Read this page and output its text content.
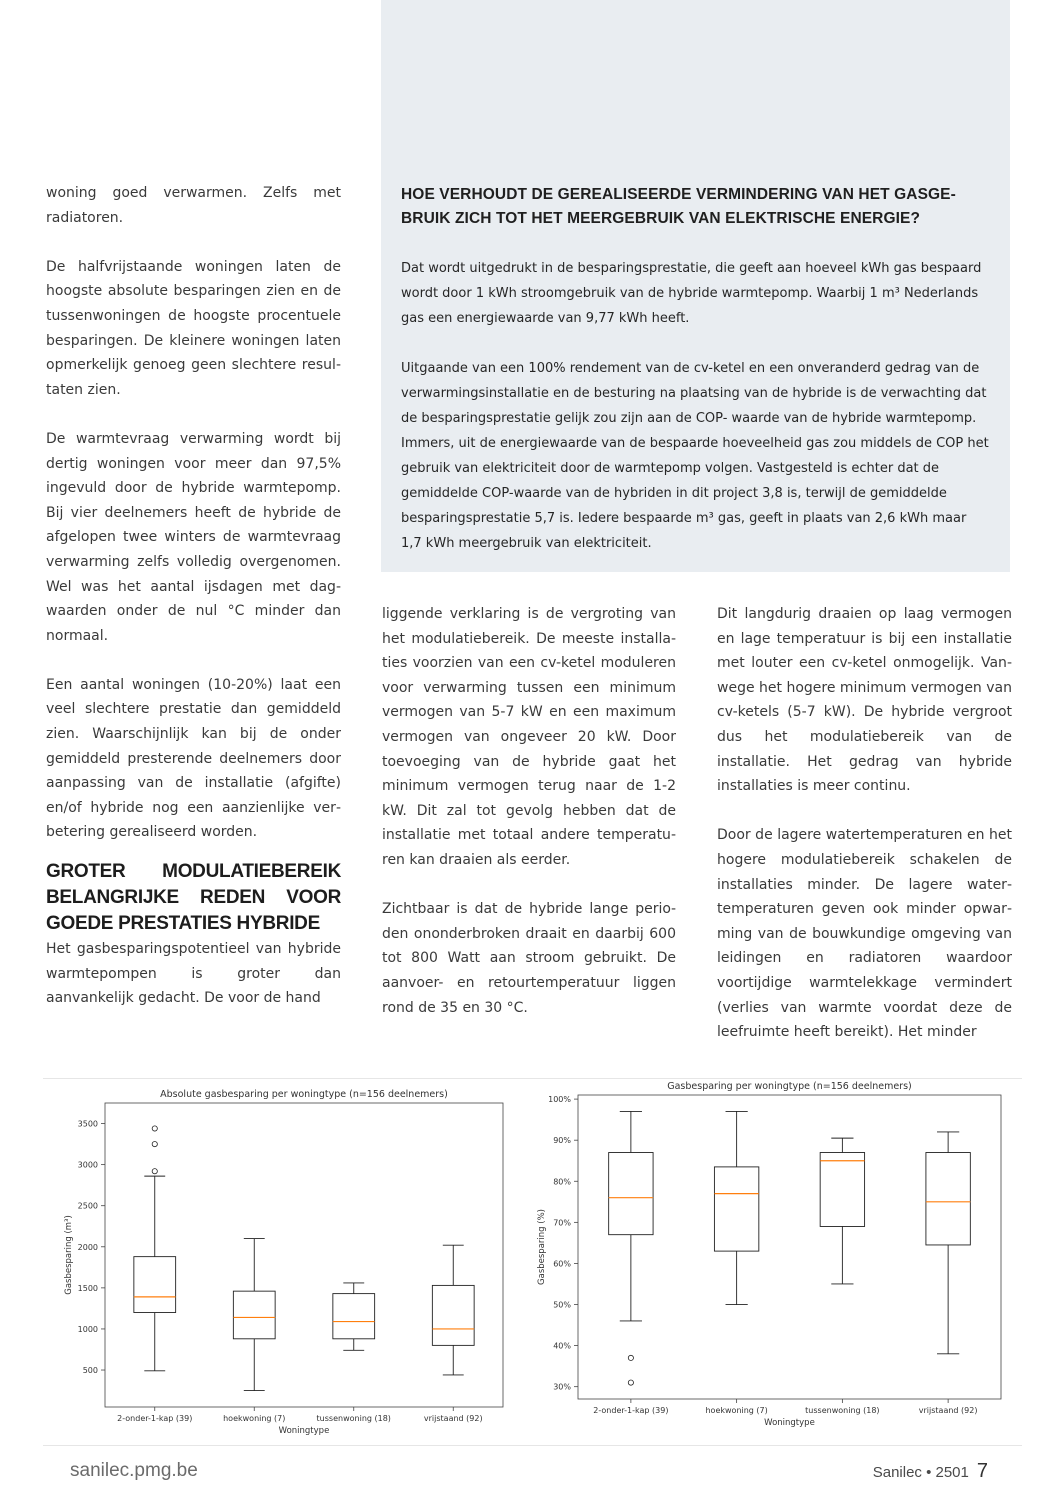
HOE VERHOUDT DE GEREALISEERDE VERMINDERING VAN HET GASGEBRUIK ZICH TOT HET MEERGEBRUIK VAN ELEKTRISCHE ENERGIE?

Dat wordt uitgedrukt in de besparingsprestatie, die geeft aan hoeveel kWh gas bespaard wordt door 1 kWh stroomgebruik van de hybride warmtepomp. Waarbij 1 m³ Nederlands gas een energiewaarde van 9,77 kWh heeft.

Uitgaande van een 100% rendement van de cv-ketel en een onveranderd gedrag van de verwarmingsinstallatie en de besturing na plaatsing van de hybride is de verwachting dat de besparingsprestatie gelijk zou zijn aan de COP- waarde van de hybride warmtepomp. Immers, uit de energiewaarde van de bespaarde hoeveelheid gas zou middels de COP het gebruik van elektriciteit door de warmtepomp volgen. Vastgesteld is echter dat de gemiddelde COP-waarde van de hybriden in dit project 3,8 is, terwijl de gemiddelde besparingsprestatie 5,7 is. Iedere bespaarde m³ gas, geeft in plaats van 2,6 kWh maar 1,7 kWh meergebruik van elektriciteit.

woning goed verwarmen. Zelfs met radiatoren.

De halfvrijstaande woningen laten de hoogste absolute besparingen zien en de tussenwoningen de hoogste procentuele besparingen. De kleinere woningen laten opmerkelijk genoeg geen slechtere resultaten zien.

De warmtevraag verwarming wordt bij dertig woningen voor meer dan 97,5% ingevuld door de hybride warmtepomp. Bij vier deelnemers heeft de hybride de afgelopen twee winters de warmtevraag verwarming zelfs volledig overgenomen. Wel was het aantal ijsdagen met dagwaarden onder de nul °C minder dan normaal.

Een aantal woningen (10-20%) laat een veel slechtere prestatie dan gemiddeld zien. Waarschijnlijk kan bij de onder gemiddeld presterende deelnemers door aanpassing van de installatie (afgifte) en/of hybride nog een aanzienlijke verbetering gerealiseerd worden.

GROTER MODULATIEBEREIK BELANGRIJKE REDEN VOOR GOEDE PRESTATIES HYBRIDE

Het gasbesparingspotentieel van hybride warmtepompen is groter dan aanvankelijk gedacht. De voor de hand

liggende verklaring is de vergroting van het modulatiebereik. De meeste installaties voorzien van een cv-ketel moduleren voor verwarming tussen een minimum vermogen van 5-7 kW en een maximum vermogen van ongeveer 20 kW. Door toevoeging van de hybride gaat het minimum vermogen terug naar de 1-2 kW. Dit zal tot gevolg hebben dat de installatie met totaal andere temperaturen kan draaien als eerder.

Zichtbaar is dat de hybride lange perioden ononderbroken draait en daarbij 600 tot 800 Watt aan stroom gebruikt. De aanvoer- en retourtemperatuur liggen rond de 35 en 30 °C.

Dit langdurig draaien op laag vermogen en lage temperatuur is bij een installatie met louter een cv-ketel onmogelijk. Vanwege het hogere minimum vermogen van cv-ketels (5-7 kW). De hybride vergroot dus het modulatiebereik van de installatie. Het gedrag van hybride installaties is meer continu.

Door de lagere watertemperaturen en het hogere modulatiebereik schakelen de installaties minder. De lagere watertemperaturen geven ook minder opwarming van de bouwkundige omgeving van leidingen en radiatoren waardoor voortijdige warmtelekkage vermindert (verlies van warmte voordat deze de leefruimte heeft bereikt). Het minder

Absolute gasbesparing per woningtype (n=156 deelnemers)
500
1000
1500
2000
2500
3000
3500
Gasbesparing (m³)
Woningtype
2-onder-1-kap (39)	hoekwoning (7)	tussenwoning (18)	vrijstaand (92)
Gasbesparing per woningtype (n=156 deelnemers)
30%
40%
50%
60%
70%
80%
90%
100%
Gasbesparing (%)
Woningtype
2-onder-1-kap (39)	hoekwoning (7)	tussenwoning (18)	vrijstaand (92)
sanilec.pmg.be	Sanilec • 2501 7
